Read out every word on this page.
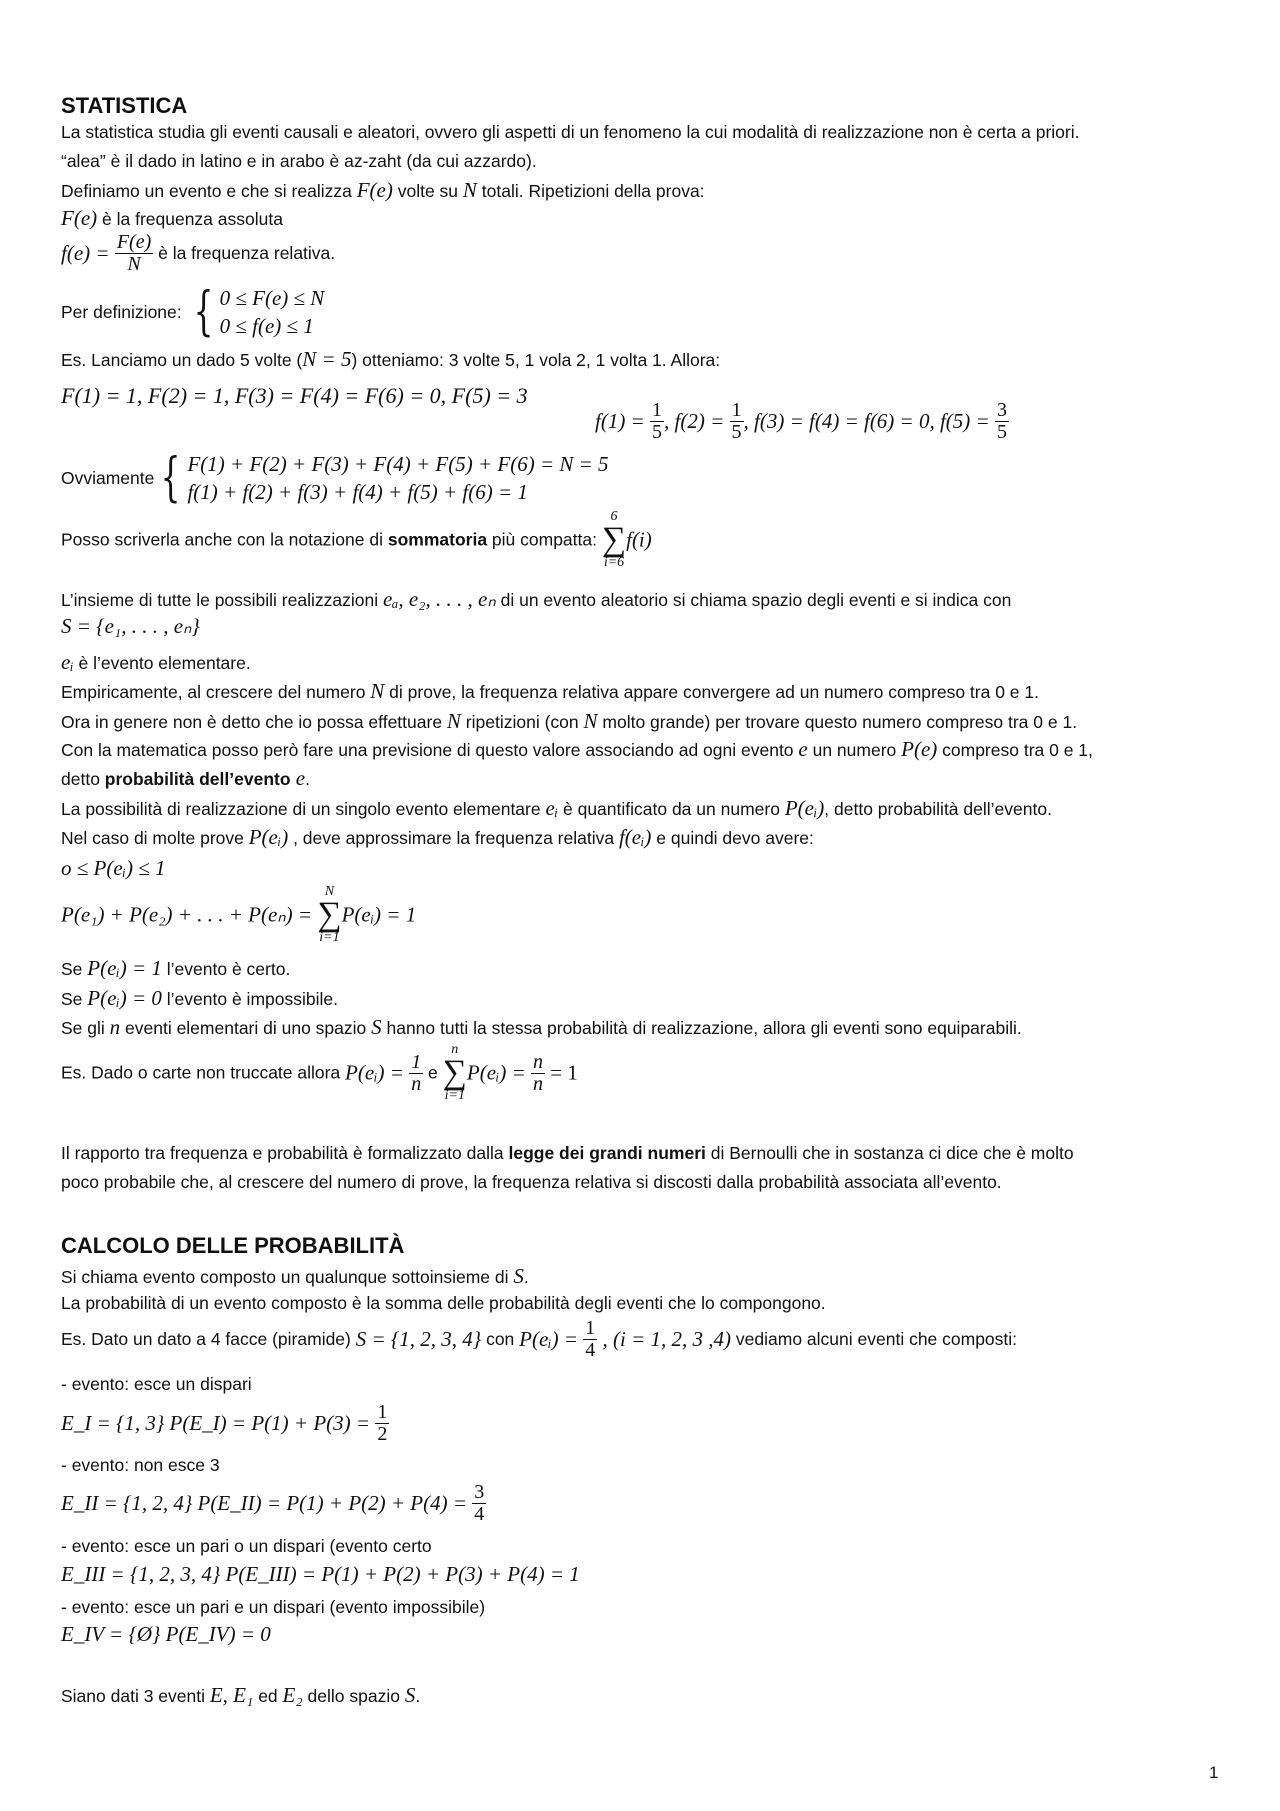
STATISTICA
La statistica studia gli eventi causali e aleatori, ovvero gli aspetti di un fenomeno la cui modalità di realizzazione non è certa a priori.
“alea” è il dado in latino e in arabo è az-zaht (da cui azzardo).
Definiamo un evento e che si realizza F(e) volte su N totali. Ripetizioni della prova:
F(e) è la frequenza assoluta
$f(e) = \frac{F(e)}{N}$ è la frequenza relativa.
Per definizione: { 0 ≤ F(e) ≤ N
0 ≤ f(e) ≤ 1
Es. Lanciamo un dado 5 volte (N = 5) otteniamo: 3 volte 5, 1 vola 2, 1 volta 1. Allora:
F(1) = 1, F(2) = 1, F(3) = F(4) = F(6) = 0, F(5) = 3
$f(1) = \frac{1}{5}$ , $f(2) = \frac{1}{5}$ , f(3) = f(4) = f(6) = 0, $f(5) = \frac{3}{5}$
Ovviamente { F(1) + F(2) + F(3) + F(4) + F(5) + F(6) = N = 5
f(1) + f(2) + f(3) + f(4) + f(5) + f(6) = 1
Posso scriverla anche con la notazione di sommatoria più compatta:
6
∑
i=6
f(i)
L’insieme di tutte le possibili realizzazioni eₐ, e₂, . . . , eₙ di un evento aleatorio si chiama spazio degli eventi e si indica con
S = {e₁, . . . , eₙ}
eᵢ è l’evento elementare.
Empiricamente, al crescere del numero N di prove, la frequenza relativa appare convergere ad un numero compreso tra 0 e 1.
Ora in genere non è detto che io possa effettuare N ripetizioni (con N molto grande) per trovare questo numero compreso tra 0 e 1.
Con la matematica posso però fare una previsione di questo valore associando ad ogni evento e un numero P(e) compreso tra 0 e 1,
detto probabilità dell’evento e.
La possibilità di realizzazione di un singolo evento elementare eᵢ è quantificato da un numero P(eᵢ), detto probabilità dell’evento.
Nel caso di molte prove P(eᵢ) , deve approssimare la frequenza relativa f(eᵢ) e quindi devo avere:
o ≤ P(eᵢ) ≤ 1
P(e₁) + P(e₂) + . . . + P(eₙ) =
N
∑
i=1
P(eᵢ) = 1
Se P(eᵢ) = 1 l’evento è certo.
Se P(eᵢ) = 0 l’evento è impossibile.
Se gli n eventi elementari di uno spazio S hanno tutti la stessa probabilità di realizzazione, allora gli eventi sono equiparabili.
Es. Dado o carte non truccate allora P(eᵢ) = $\frac{1}{n}$ e
n
∑
i=1
P(eᵢ) = $\frac{n}{n} = 1$
Il rapporto tra frequenza e probabilità è formalizzato dalla legge dei grandi numeri di Bernoulli che in sostanza ci dice che è molto
poco probabile che, al crescere del numero di prove, la frequenza relativa si discosti dalla probabilità associata all’evento.
CALCOLO DELLE PROBABILITÀ
Si chiama evento composto un qualunque sottoinsieme di S.
La probabilità di un evento composto è la somma delle probabilità degli eventi che lo compongono.
Es. Dato un dato a 4 facce (piramide) S = {1, 2, 3, 4} con P(eᵢ) = $\frac{1}{4}$ , (i = 1, 2, 3 ,4) vediamo alcuni eventi che composti:
- evento: esce un dispari
E_I = {1, 3} P(E_I) = $P(1) + P(3) = \frac{1}{2}$
- evento: non esce 3
E_II = {1, 2, 4} P(E_II) = $P(1) + P(2) + P(4) = \frac{3}{4}$
- evento: esce un pari o un dispari (evento certo
E_III = {1, 2, 3, 4} P(E_III) = P(1) + P(2) + P(3) + P(4) = 1
- evento: esce un pari e un dispari (evento impossibile)
E_IV = {Ø} P(E_IV) = 0
Siano dati 3 eventi E, E₁ ed E₂ dello spazio S.
1
